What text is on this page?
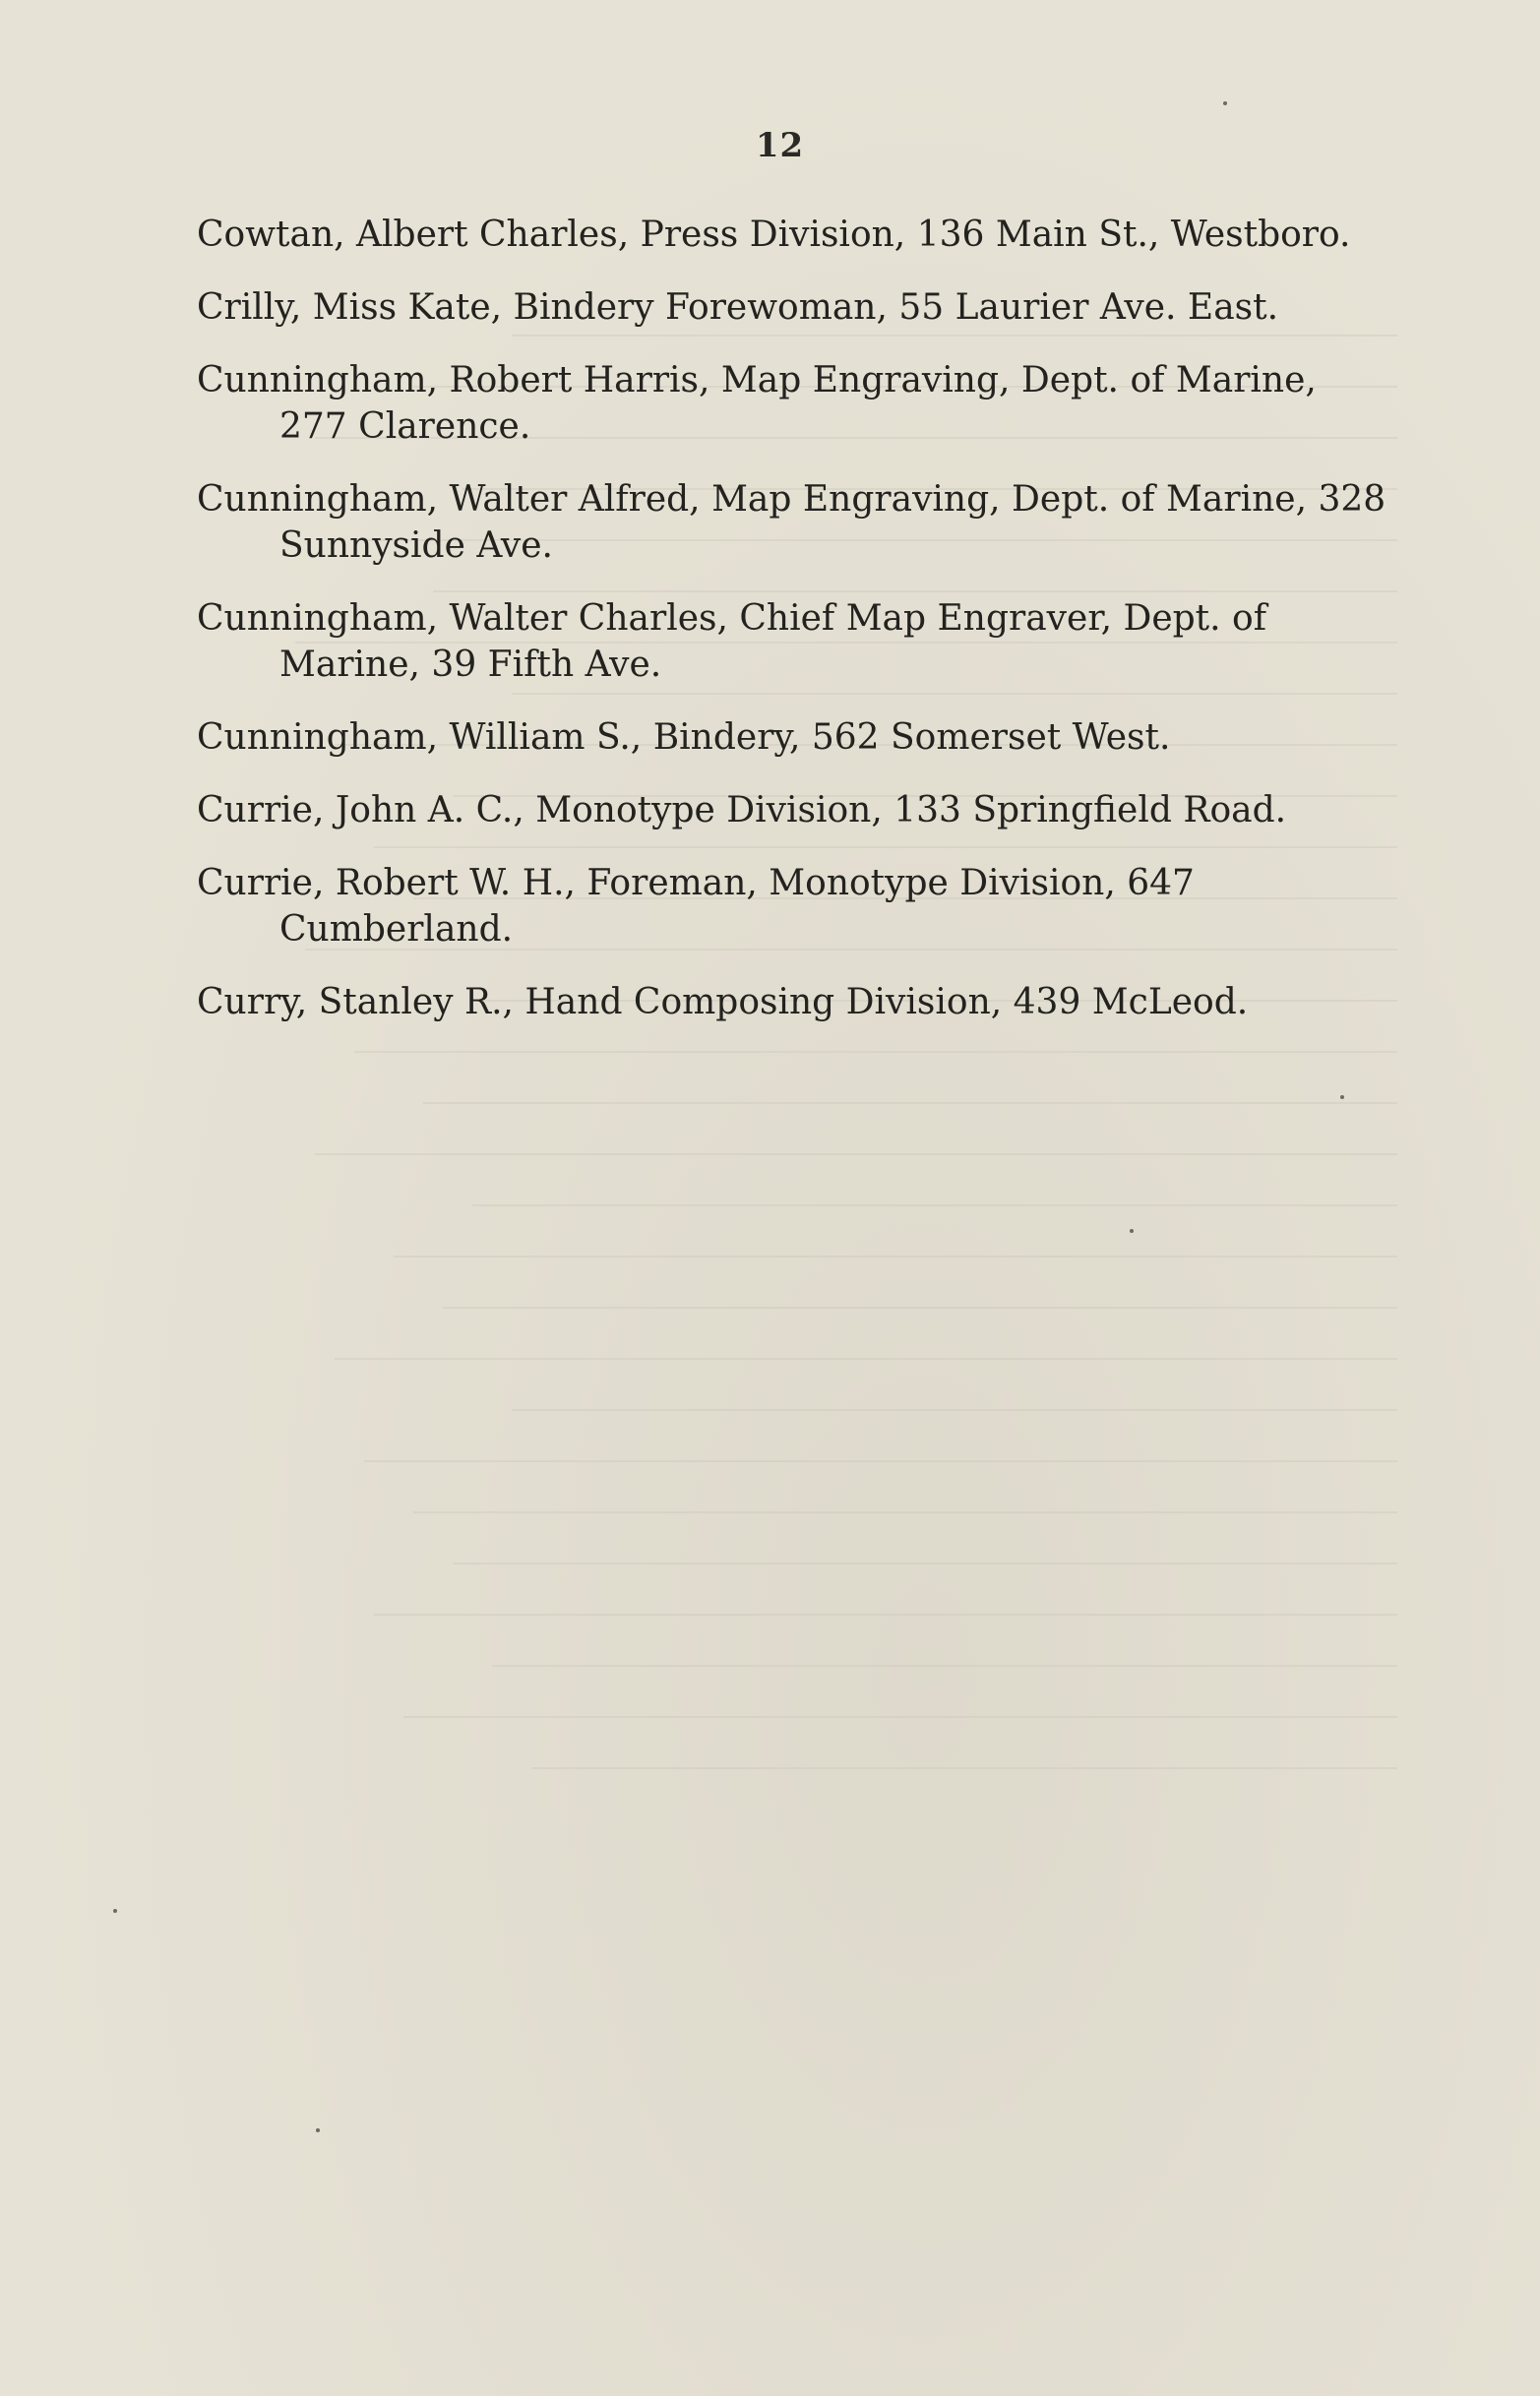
12
Cowtan, Albert Charles, Press Division, 136 Main St., Westboro.
Crilly, Miss Kate, Bindery Forewoman, 55 Laurier Ave. East.
Cunningham, Robert Harris, Map Engraving, Dept. of Marine, 277 Clarence.
Cunningham, Walter Alfred, Map Engraving, Dept. of Marine, 328 Sunnyside Ave.
Cunningham, Walter Charles, Chief Map Engraver, Dept. of Marine, 39 Fifth Ave.
Cunningham, William S., Bindery, 562 Somerset West.
Currie, John A. C., Monotype Division, 133 Springfield Road.
Currie, Robert W. H., Foreman, Monotype Division, 647 Cumberland.
Curry, Stanley R., Hand Composing Division, 439 McLeod.
